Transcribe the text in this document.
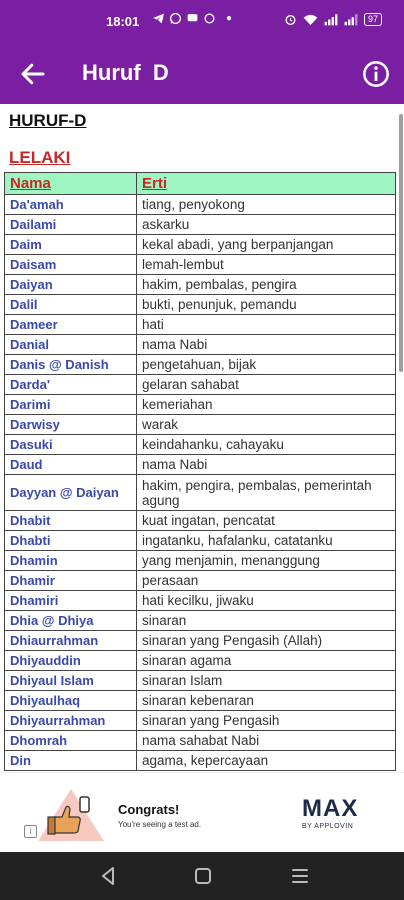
18:01	●	97
Huruf  D
HURUF-D
LELAKI
Nama	Erti
Da'amah	tiang, penyokong
Dailami	askarku
Daim	kekal abadi, yang berpanjangan
Daisam	lemah-lembut
Daiyan	hakim, pembalas, pengira
Dalil	bukti, penunjuk, pemandu
Dameer	hati
Danial	nama Nabi
Danis @ Danish	pengetahuan, bijak
Darda'	gelaran sahabat
Darimi	kemeriahan
Darwisy	warak
Dasuki	keindahanku, cahayaku
Daud	nama Nabi
Dayyan @ Daiyan	hakim, pengira, pembalas, pemerintah agung
Dhabit	kuat ingatan, pencatat
Dhabti	ingatanku, hafalanku, catatanku
Dhamin	yang menjamin, menanggung
Dhamir	perasaan
Dhamiri	hati kecilku, jiwaku
Dhia @ Dhiya	sinaran
Dhiaurrahman	sinaran yang Pengasih (Allah)
Dhiyauddin	sinaran agama
Dhiyaul Islam	sinaran Islam
Dhiyaulhaq	sinaran kebenaran
Dhiyaurrahman	sinaran yang Pengasih
Dhomrah	nama sahabat Nabi
Din	agama, kepercayaan
Congrats!
You're seeing a test ad.
MAX
BY APPLOVIN
i
